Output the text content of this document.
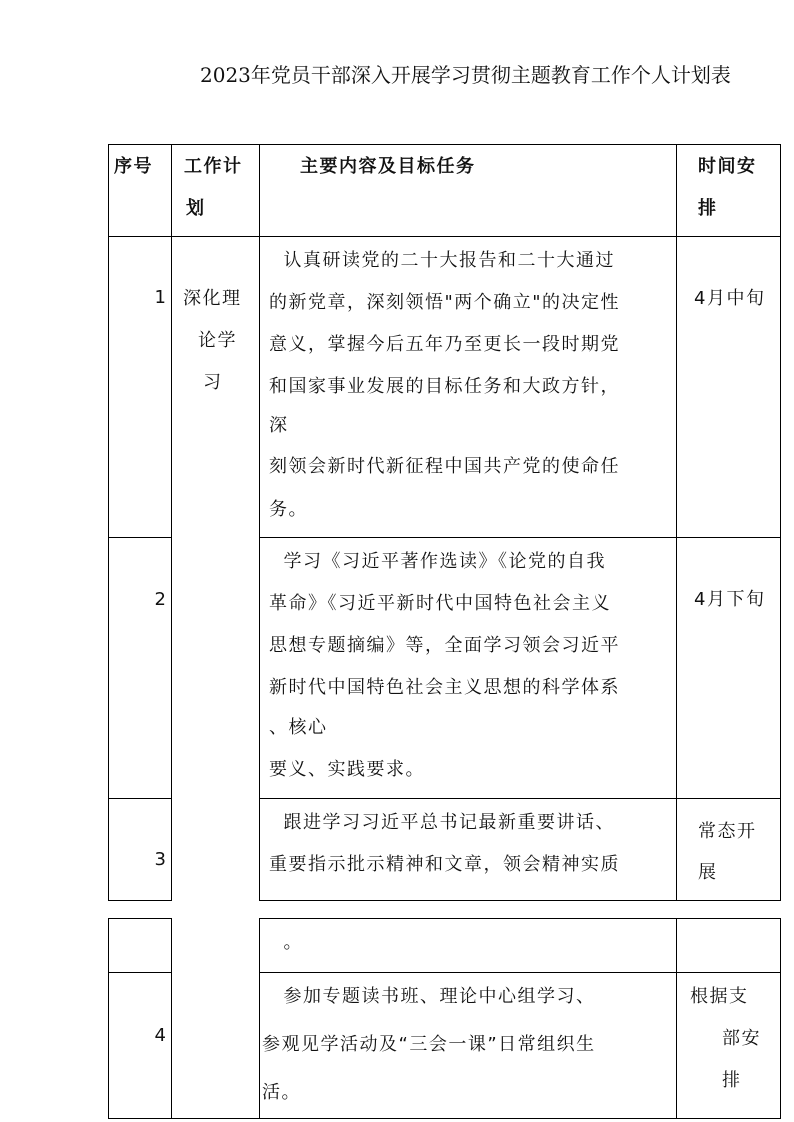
2023年党员干部深入开展学习贯彻主题教育工作个人计划表
序号 工作计
划
主要内容及目标任务	时间安
排
深化理
论学
习
1
认真研读党的二十大报告和二十大通过
的新党章，深刻领悟"两个确立"的决定性
意义，掌握今后五年乃至更长一段时期党
和国家事业发展的目标任务和大政方针，
深
刻领会新时代新征程中国共产党的使命任
务。
4月中旬
2
学习《习近平著作选读》《论党的自我
革命》《习近平新时代中国特色社会主义
思想专题摘编》等，全面学习领会习近平
新时代中国特色社会主义思想的科学体系
、核心
要义、实践要求。
4月下旬
3
跟进学习习近平总书记最新重要讲话、
重要指示批示精神和文章，领会精神实质
常态开
展
。
4
参加专题读书班、理论中心组学习、
参观见学活动及“三会一课”日常组织生
活。
根据支
部安
排
